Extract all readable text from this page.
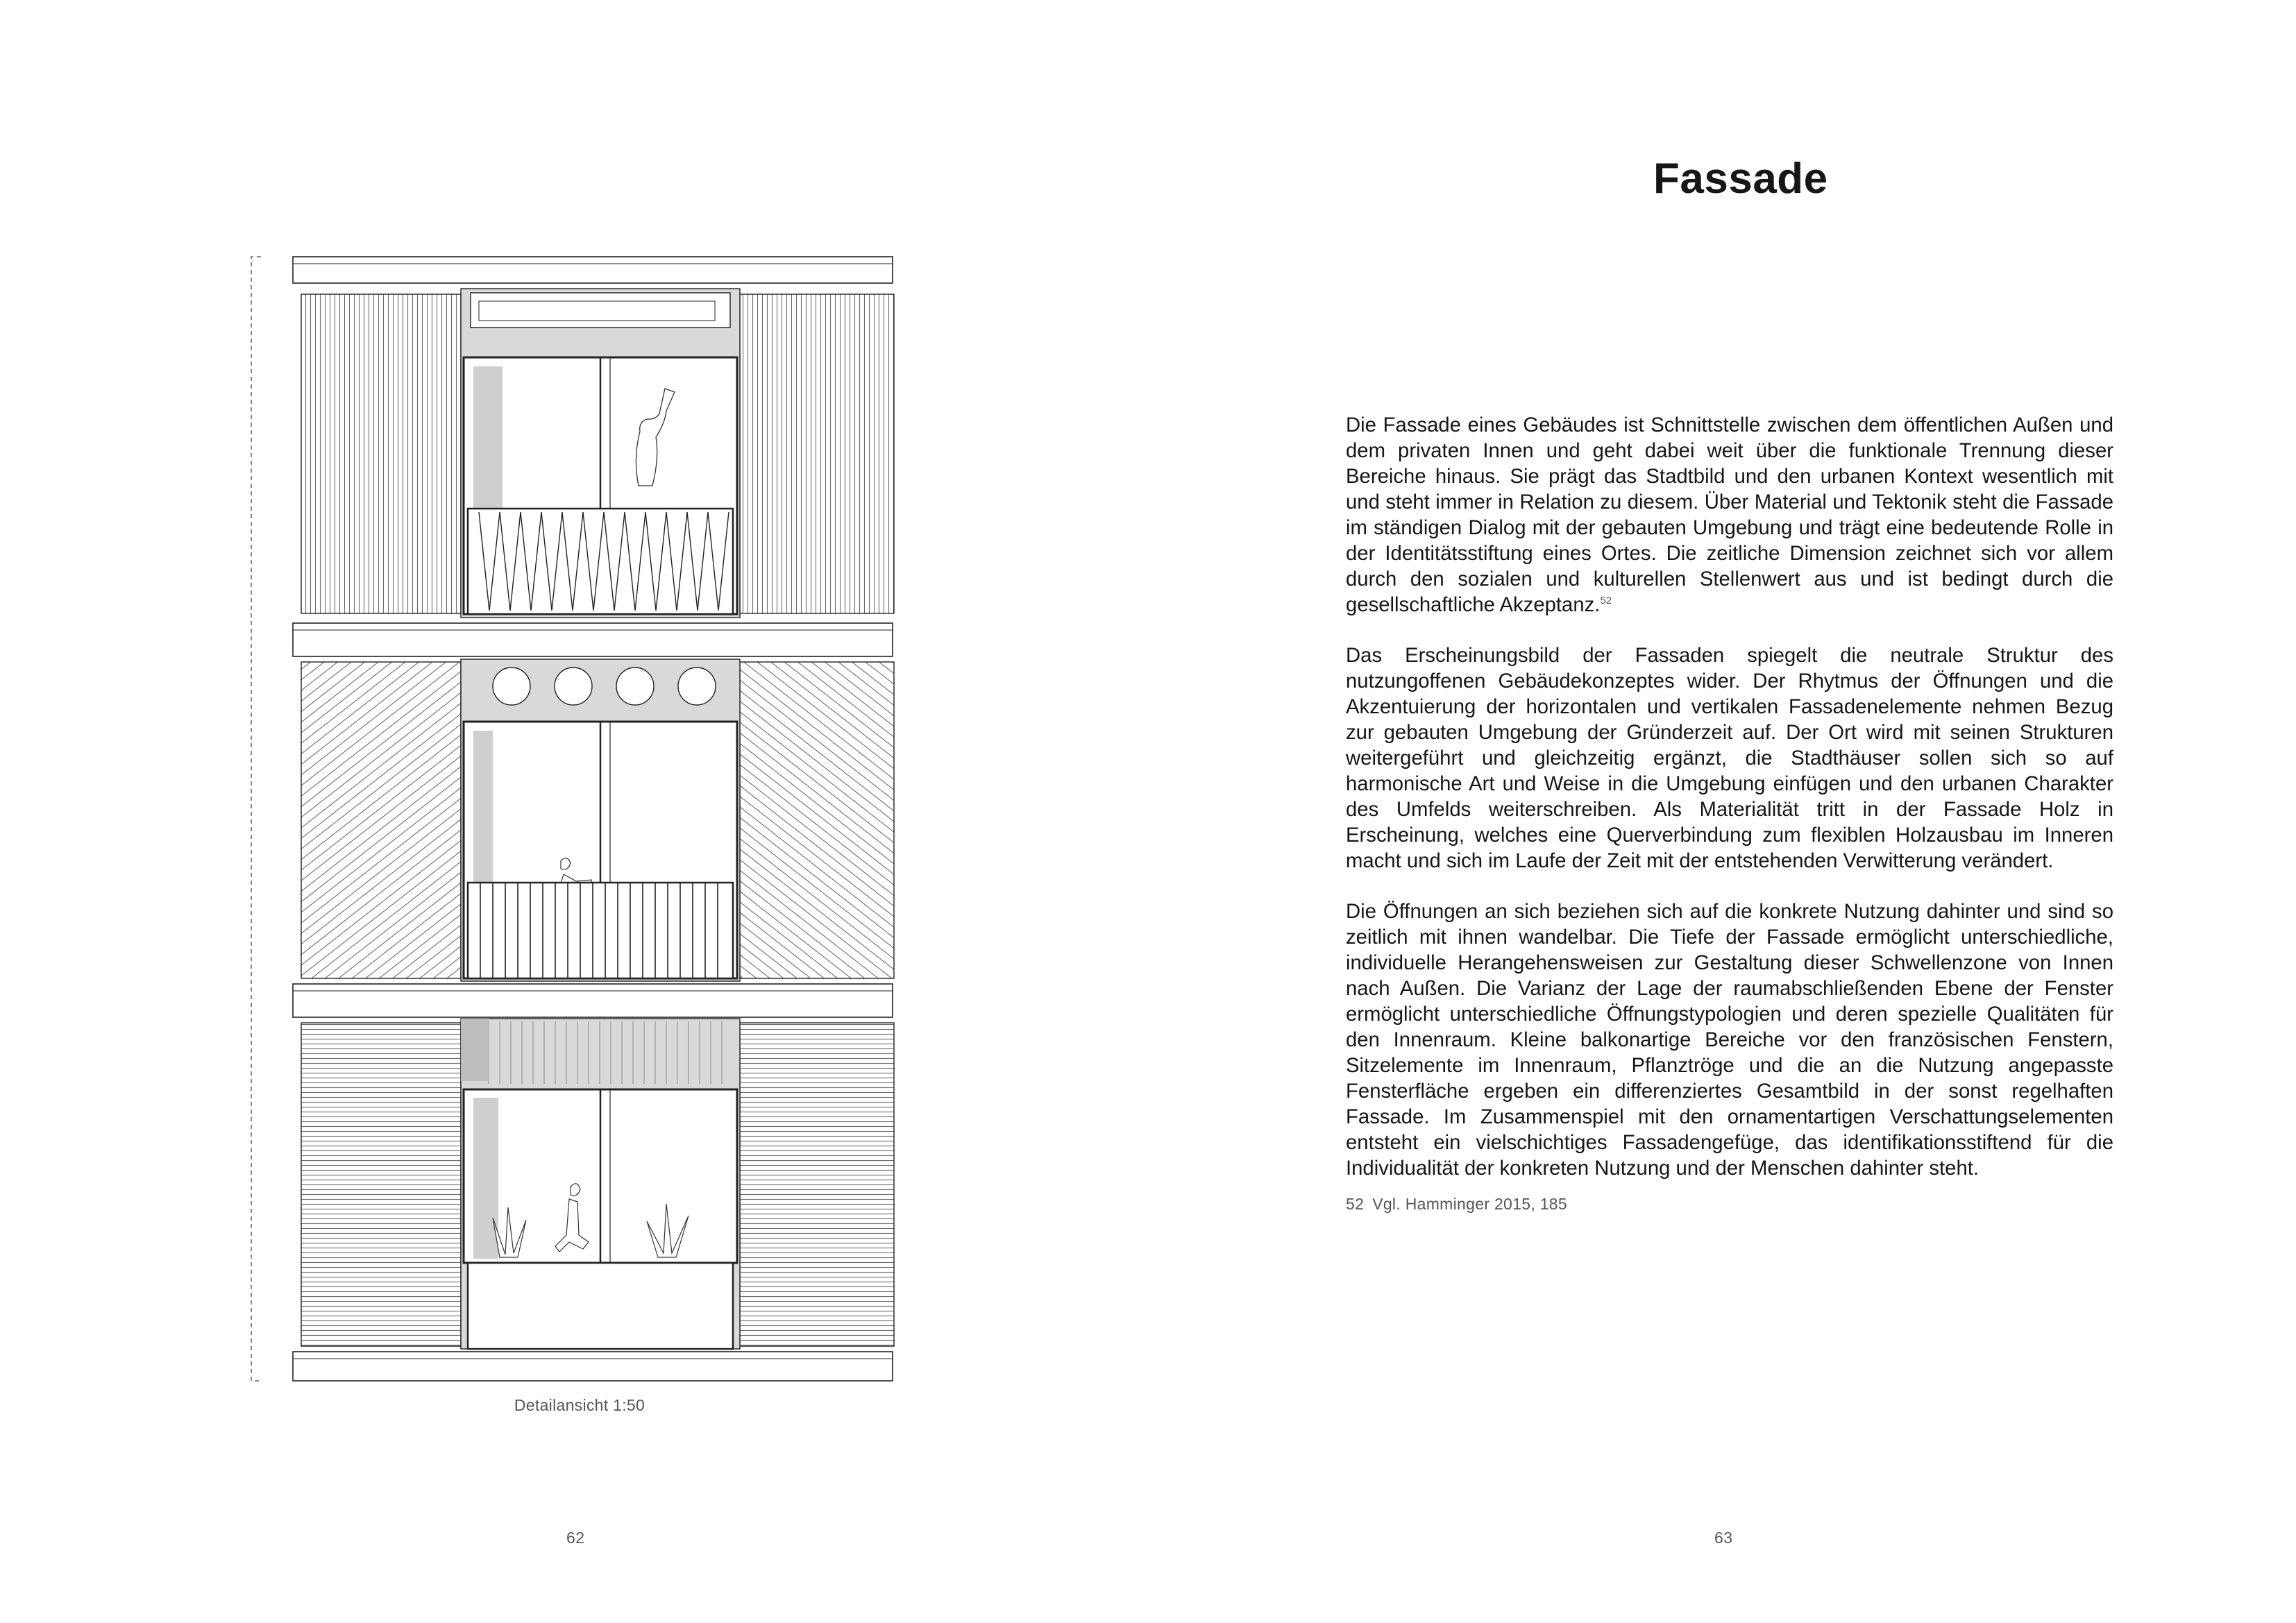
Detailansicht 1:50
62
Fassade

Die Fassade eines Gebäudes ist Schnittstelle zwischen dem öffentlichen Außen und dem privaten Innen und geht dabei weit über die funktionale Trennung dieser Bereiche hinaus. Sie prägt das Stadtbild und den urbanen Kontext wesentlich mit und steht immer in Relation zu diesem. Über Material und Tektonik steht die Fassade im ständigen Dialog mit der gebauten Umgebung und trägt eine bedeutende Rolle in der Identitätsstiftung eines Ortes. Die zeitliche Dimension zeichnet sich vor allem durch den sozialen und kulturellen Stellenwert aus und ist bedingt durch die gesellschaftliche Akzeptanz.$^{52}$

Das Erscheinungsbild der Fassaden spiegelt die neutrale Struktur des nutzungoffenen Gebäudekonzeptes wider. Der Rhytmus der Öffnungen und die Akzentuierung der horizontalen und vertikalen Fassadenelemente nehmen Bezug zur gebauten Umgebung der Gründerzeit auf. Der Ort wird mit seinen Strukturen weitergeführt und gleichzeitig ergänzt, die Stadthäuser sollen sich so auf harmonische Art und Weise in die Umgebung einfügen und den urbanen Charakter des Umfelds weiterschreiben. Als Materialität tritt in der Fassade Holz in Erscheinung, welches eine Querverbindung zum flexiblen Holzausbau im Inneren macht und sich im Laufe der Zeit mit der entstehenden Verwitterung verändert.

Die Öffnungen an sich beziehen sich auf die konkrete Nutzung dahinter und sind so zeitlich mit ihnen wandelbar. Die Tiefe der Fassade ermöglicht unterschiedliche, individuelle Herangehensweisen zur Gestaltung dieser Schwellenzone von Innen nach Außen. Die Varianz der Lage der raumabschließenden Ebene der Fenster ermöglicht unterschiedliche Öffnungstypologien und deren spezielle Qualitäten für den Innenraum. Kleine balkonartige Bereiche vor den französischen Fenstern, Sitzelemente im Innenraum, Pflanztröge und die an die Nutzung angepasste Fensterfläche ergeben ein differenziertes Gesamtbild in der sonst regelhaften Fassade. Im Zusammenspiel mit den ornamentartigen Verschattungselementen entsteht ein vielschichtiges Fassadengefüge, das identifikationsstiftend für die Individualität der konkreten Nutzung und der Menschen dahinter steht.

52 Vgl. Hamminger 2015, 185
63
